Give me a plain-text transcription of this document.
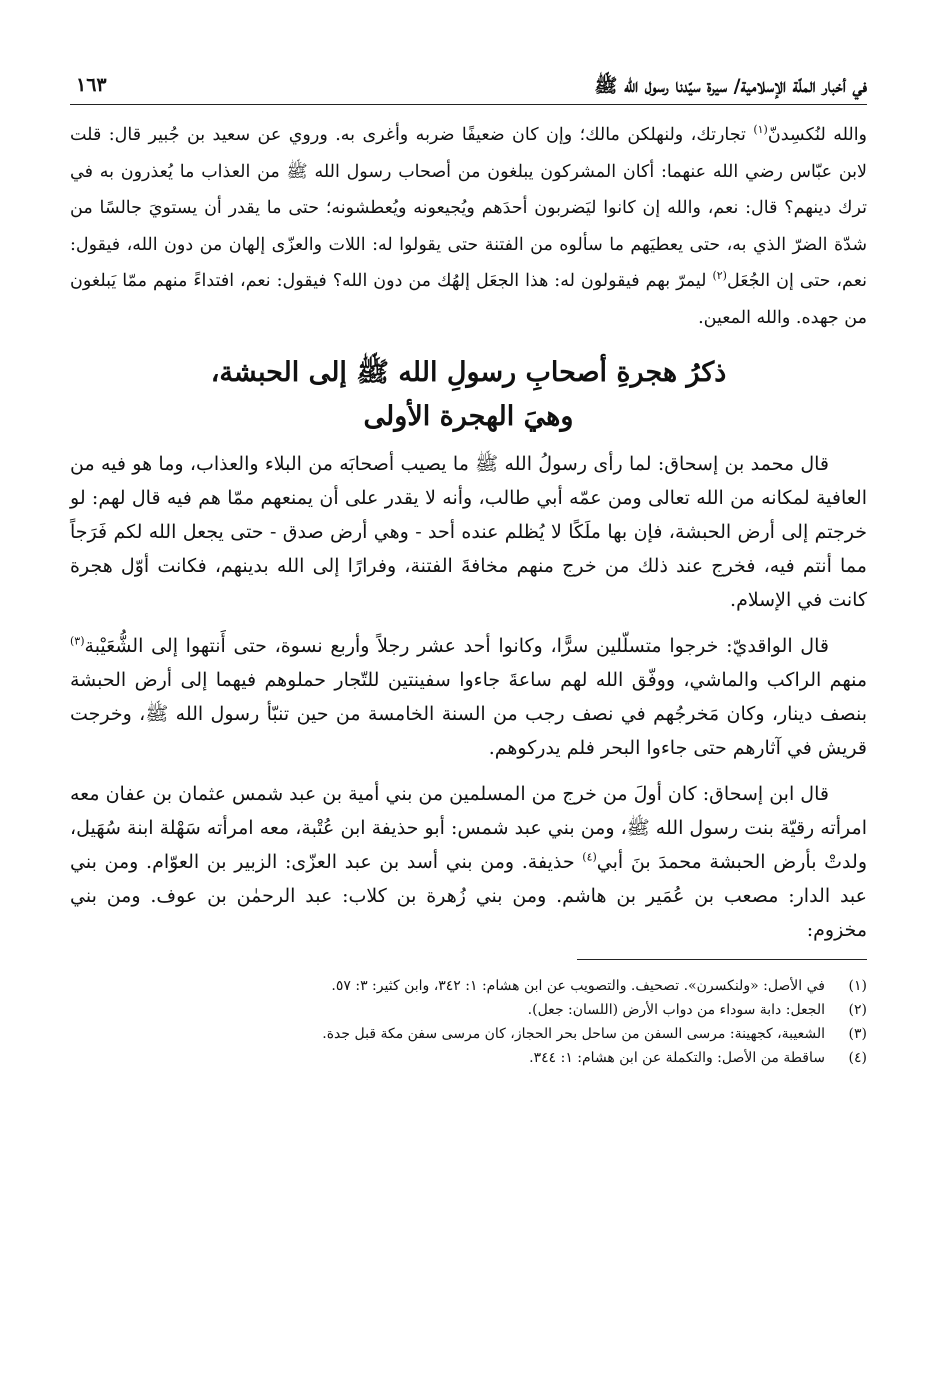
في أخبار الملّة الإسلامية/ سيرة سيّدنا رسول الله ﷺ
١٦٣

والله لنُكسِدنّ$^{(١)}$ تجارتك، ولنهلكن مالك؛ وإن كان ضعيفًا ضربه وأغرى به. وروي عن سعيد بن جُبير قال: قلت لابن عبّاس رضي الله عنهما: أكان المشركون يبلغون من أصحاب رسول الله ﷺ من العذاب ما يُعذرون به في ترك دينهم؟ قال: نعم، والله إن كانوا ليَضربون أحدَهم ويُجيعونه ويُعطشونه؛ حتى ما يقدر أن يستويَ جالسًا من شدّة الضرّ الذي به، حتى يعطيَهم ما سألوه من الفتنة حتى يقولوا له: اللات والعزّى إلهان من دون الله، فيقول: نعم، حتى إن الجُعَل$^{(٢)}$ ليمرّ بهم فيقولون له: هذا الجعَل إلهُك من دون الله؟ فيقول: نعم، افتداءً منهم ممّا يَبلغون من جهده. والله المعين.

ذكرُ هجرةِ أصحابِ رسولِ الله ﷺ إلى الحبشة،
وهيَ الهجرة الأولى

قال محمد بن إسحاق: لما رأى رسولُ الله ﷺ ما يصيب أصحابَه من البلاء والعذاب، وما هو فيه من العافية لمكانه من الله تعالى ومن عمّه أبي طالب، وأنه لا يقدر على أن يمنعهم ممّا هم فيه قال لهم: لو خرجتم إلى أرض الحبشة، فإن بها ملَكًا لا يُظلم عنده أحد - وهي أرض صدق - حتى يجعل الله لكم فَرَجاً مما أنتم فيه، فخرج عند ذلك من خرج منهم مخافةَ الفتنة، وفرارًا إلى الله بدينهم، فكانت أوّل هجرة كانت في الإسلام.

قال الواقديّ: خرجوا متسلّلين سرًّا، وكانوا أحد عشر رجلاً وأربع نسوة، حتى أَنتهوا إلى الشُّعَيْبة$^{(٣)}$ منهم الراكب والماشي، ووفّق الله لهم ساعةَ جاءوا سفينتين للتّجار حملوهم فيهما إلى أرض الحبشة بنصف دينار، وكان مَخرجُهم في نصف رجب من السنة الخامسة من حين تنبّأ رسول الله ﷺ، وخرجت قريش في آثارهم حتى جاءوا البحر فلم يدركوهم.

قال ابن إسحاق: كان أولَ من خرج من المسلمين من بني أمية بن عبد شمس عثمان بن عفان معه امرأته رقيّة بنت رسول الله ﷺ، ومن بني عبد شمس: أبو حذيفة ابن عُتْبة، معه امرأته سَهْلة ابنة سُهَيل، ولدتْ بأرض الحبشة محمدَ بنَ أبي$^{(٤)}$ حذيفة. ومن بني أسد بن عبد العزّى: الزبير بن العوّام. ومن بني عبد الدار: مصعب بن عُمَير بن هاشم. ومن بني زُهرة بن كلاب: عبد الرحمٰن بن عوف. ومن بني مخزوم:

(١)
في الأصل: «ولنكسرن». تصحيف. والتصويب عن ابن هشام: ١: ٣٤٢، وابن كثير: ٣: ٥٧.
(٢)
الجعل: دابة سوداء من دواب الأرض (اللسان: جعل).
(٣)
الشعيبة، كجهينة: مرسى السفن من ساحل بحر الحجاز، كان مرسى سفن مكة قبل جدة.
(٤)
ساقطة من الأصل: والتكملة عن ابن هشام: ١: ٣٤٤.
